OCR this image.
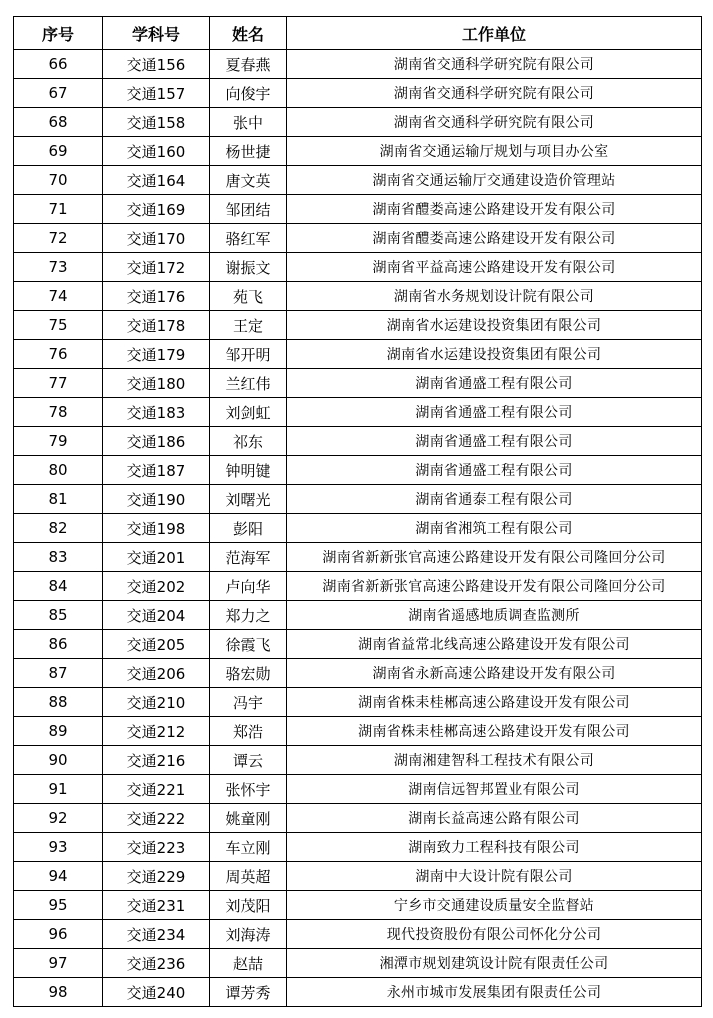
序号	学科号	姓名	工作单位
66	交通156	夏春燕	湖南省交通科学研究院有限公司
67	交通157	向俊宇	湖南省交通科学研究院有限公司
68	交通158	张中	湖南省交通科学研究院有限公司
69	交通160	杨世捷	湖南省交通运输厅规划与项目办公室
70	交通164	唐文英	湖南省交通运输厅交通建设造价管理站
71	交通169	邹团结	湖南省醴娄高速公路建设开发有限公司
72	交通170	骆红军	湖南省醴娄高速公路建设开发有限公司
73	交通172	谢振文	湖南省平益高速公路建设开发有限公司
74	交通176	苑飞	湖南省水务规划设计院有限公司
75	交通178	王定	湖南省水运建设投资集团有限公司
76	交通179	邹开明	湖南省水运建设投资集团有限公司
77	交通180	兰红伟	湖南省通盛工程有限公司
78	交通183	刘剑虹	湖南省通盛工程有限公司
79	交通186	祁东	湖南省通盛工程有限公司
80	交通187	钟明键	湖南省通盛工程有限公司
81	交通190	刘曙光	湖南省通泰工程有限公司
82	交通198	彭阳	湖南省湘筑工程有限公司
83	交通201	范海军	湖南省新新张官高速公路建设开发有限公司隆回分公司
84	交通202	卢向华	湖南省新新张官高速公路建设开发有限公司隆回分公司
85	交通204	郑力之	湖南省遥感地质调查监测所
86	交通205	徐霞飞	湖南省益常北线高速公路建设开发有限公司
87	交通206	骆宏勋	湖南省永新高速公路建设开发有限公司
88	交通210	冯宇	湖南省株耒桂郴高速公路建设开发有限公司
89	交通212	郑浩	湖南省株耒桂郴高速公路建设开发有限公司
90	交通216	谭云	湖南湘建智科工程技术有限公司
91	交通221	张怀宇	湖南信远智邦置业有限公司
92	交通222	姚童刚	湖南长益高速公路有限公司
93	交通223	车立刚	湖南致力工程科技有限公司
94	交通229	周英超	湖南中大设计院有限公司
95	交通231	刘茂阳	宁乡市交通建设质量安全监督站
96	交通234	刘海涛	现代投资股份有限公司怀化分公司
97	交通236	赵喆	湘潭市规划建筑设计院有限责任公司
98	交通240	谭芳秀	永州市城市发展集团有限责任公司
